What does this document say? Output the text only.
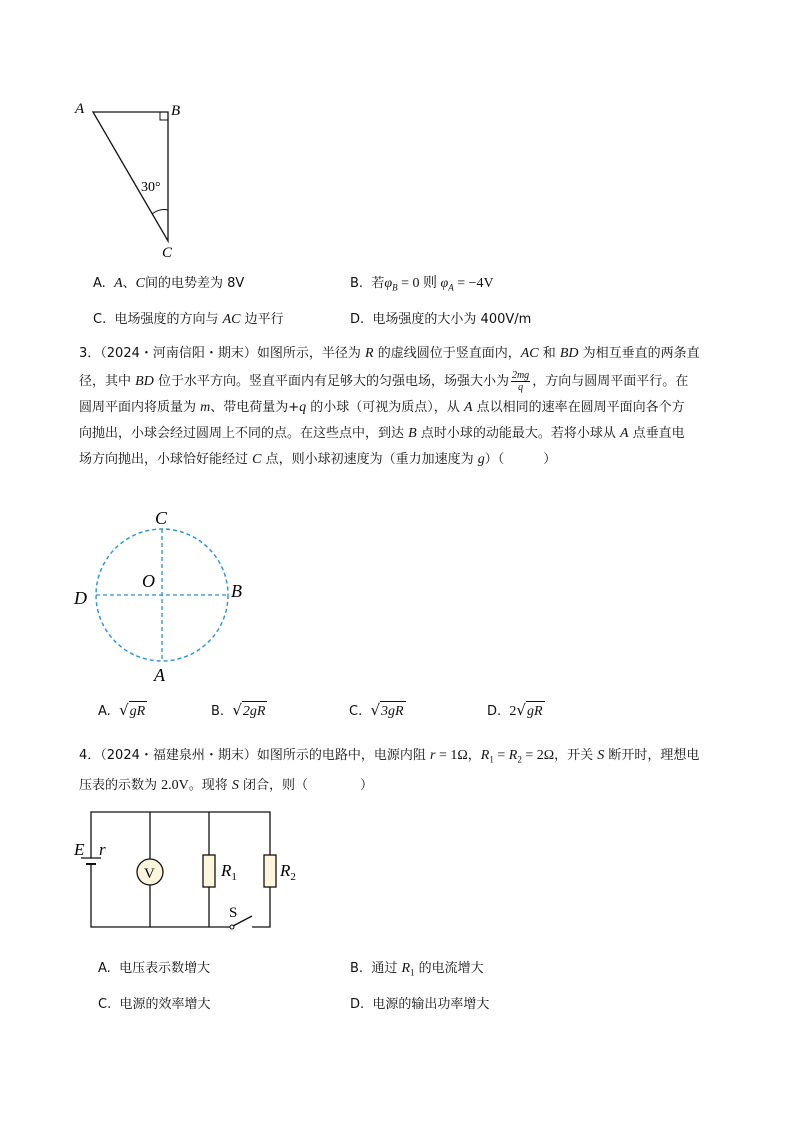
A	B
C
30°
A. A、C间的电势差为 8V	B. 若$\varphi_B = 0$ 则 $\varphi_A = -4V$
C. 电场强度的方向与 AC 边平行	D. 电场强度的大小为 400V/m
3．（2024・河南信阳・期末）如图所示，半径为 R 的虚线圆位于竖直面内，AC 和 BD 为相互垂直的两条直
径，其中 BD 位于水平方向。竖直平面内有足够大的匀强电场，场强大小为 $\frac{2mg}{q}$ ，方向与圆周平面平行。在
圆周平面内将质量为 m、带电荷量为+q 的小球（可视为质点），从 A 点以相同的速率在圆周平面向各个方
向抛出，小球会经过圆周上不同的点。在这些点中，到达 B 点时小球的动能最大。若将小球从 A 点垂直电
场方向抛出，小球恰好能经过 C 点，则小球初速度为（重力加速度为 g）（　　　）
C
O
D	B
A
A. √gR	B. √2gR	C. √3gR	D. 2√gR
4．（2024・福建泉州・期末）如图所示的电路中，电源内阻 r = 1Ω，$R_1 = R_2 = 2\Omega$，开关 S 断开时，理想电
压表的示数为 2.0V。现将 S 闭合，则（　　　　）
E r
V	$R_1$	$R_2$
S
A. 电压表示数增大	B. 通过 $R_1$ 的电流增大
C. 电源的效率增大	D. 电源的输出功率增大
